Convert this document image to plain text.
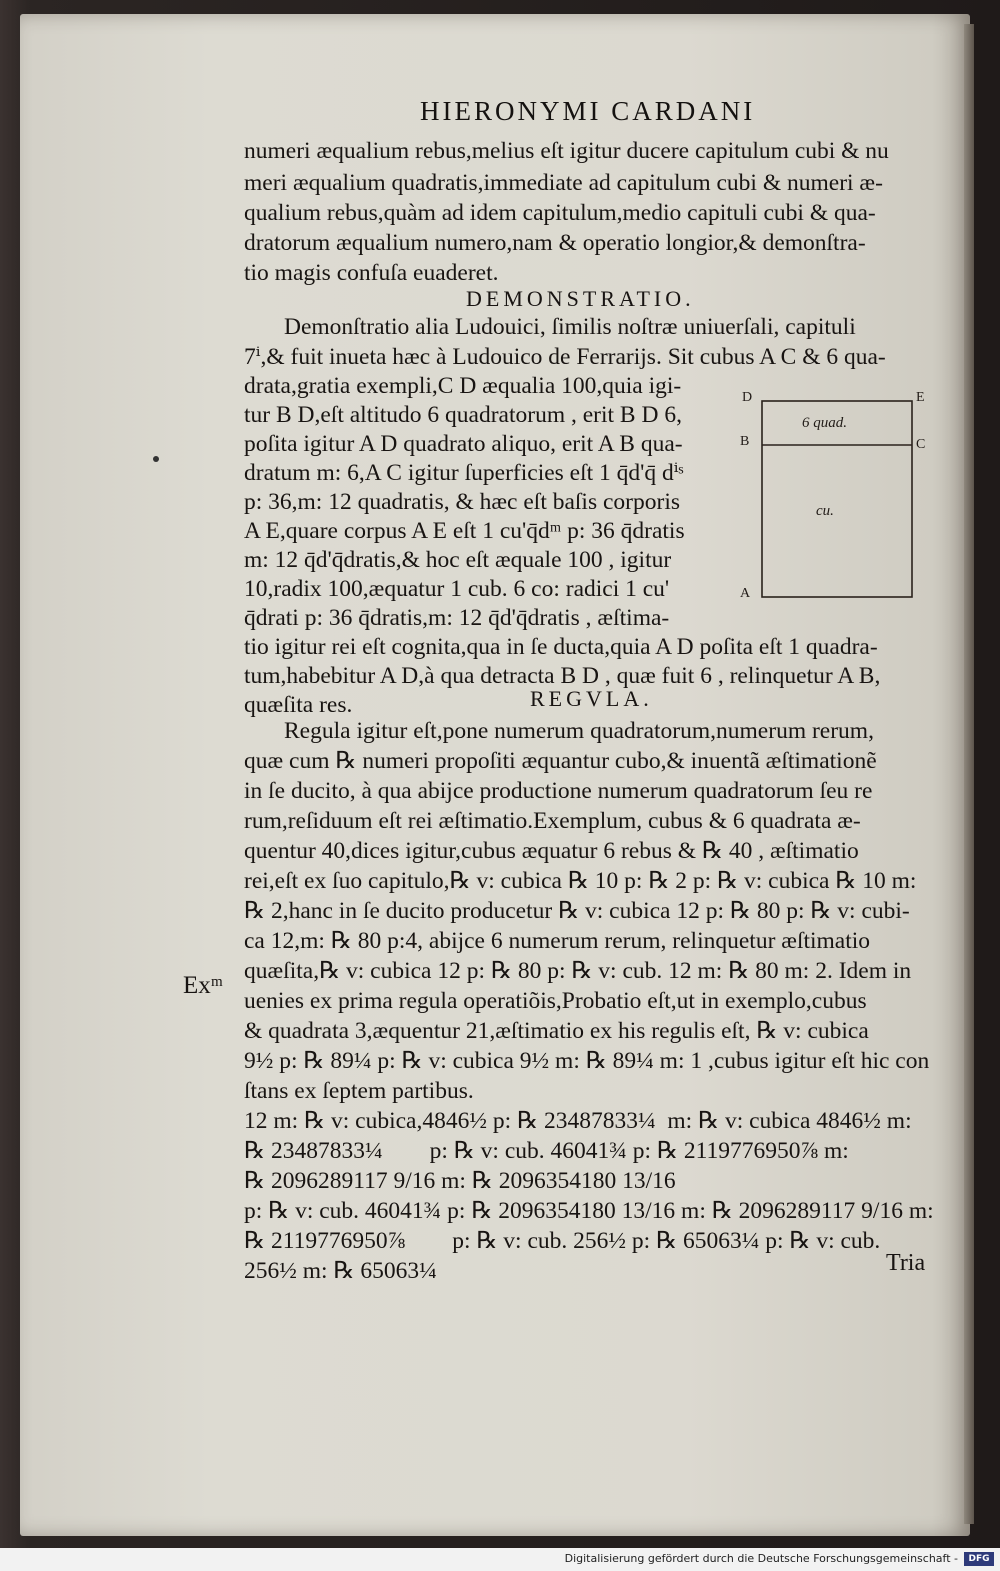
HIERONYMI CARDANI
numeri æqualium rebus,melius eſt igitur ducere capitulum cubi & nu
meri æqualium quadratis,immediate ad capitulum cubi & numeri æ-
qualium rebus,quàm ad idem capitulum,medio capituli cubi & qua-
dratorum æqualium numero,nam & operatio longior,& demonſtra-
tio magis confuſa euaderet.
DEMONSTRATIO.
Demonſtratio alia Ludouici, ſimilis noſtræ uniuerſali, capituli
7ⁱ,& fuit inueta hæc à Ludouico de Ferrarijs. Sit cubus A C & 6 qua-
drata,gratia exempli,C D æqualia 100,quia igi-
tur B D,eſt altitudo 6 quadratorum , erit B D 6,
poſita igitur A D quadrato aliquo, erit A B qua-
dratum m: 6,A C igitur ſuperficies eſt 1 q̄d'q̄ dⁱˢ
p: 36,m: 12 quadratis, & hæc eſt baſis corporis
A E,quare corpus A E eſt 1 cu'q̄dᵐ p: 36 q̄dratis
m: 12 q̄d'q̄dratis,& hoc eſt æquale 100 , igitur
10,radix 100,æquatur 1 cub. 6 co: radici 1 cu'
q̄drati p: 36 q̄dratis,m: 12 q̄d'q̄dratis , æſtima-
tio igitur rei eſt cognita,qua in ſe ducta,quia A D poſita eſt 1 quadra-
tum,habebitur A D,à qua detracta B D , quæ fuit 6 , relinquetur A B,
quæſita res.	REGVLA.
D	E
B	C
A
6 quad.
cu.
Regula igitur eſt,pone numerum quadratorum,numerum rerum,
quæ cum ℞ numeri propoſiti æquantur cubo,& inuentã æſtimationẽ
in ſe ducito, à qua abijce productione numerum quadratorum ſeu re
rum,reſiduum eſt rei æſtimatio.Exemplum, cubus & 6 quadrata æ-
quentur 40,dices igitur,cubus æquatur 6 rebus & ℞ 40 , æſtimatio
rei,eſt ex ſuo capitulo,℞ v: cubica ℞ 10 p: ℞ 2 p: ℞ v: cubica ℞ 10 m:
℞ 2,hanc in ſe ducito producetur ℞ v: cubica 12 p: ℞ 80 p: ℞ v: cubi-
ca 12,m: ℞ 80 p:4, abijce 6 numerum rerum, relinquetur æſtimatio
quæſita,℞ v: cubica 12 p: ℞ 80 p: ℞ v: cub. 12 m: ℞ 80 m: 2. Idem in
uenies ex prima regula operatiõis,Probatio eſt,ut in exemplo,cubus
& quadrata 3,æquentur 21,æſtimatio ex his regulis eſt, ℞ v: cubica
9½ p: ℞ 89¼ p: ℞ v: cubica 9½ m: ℞ 89¼ m: 1 ,cubus igitur eſt hic con
ſtans ex ſeptem partibus.
Exᵐ
12 m: ℞ v: cubica,4846½ p: ℞ 23487833¼  m: ℞ v: cubica 4846½ m:
℞ 23487833¼        p: ℞ v: cub. 46041¾ p: ℞ 2119776950⅞ m:
℞ 2096289117 9/16 m: ℞ 2096354180 13/16
p: ℞ v: cub. 46041¾ p: ℞ 2096354180 13/16 m: ℞ 2096289117 9/16 m:
℞ 2119776950⅞        p: ℞ v: cub. 256½ p: ℞ 65063¼ p: ℞ v: cub.
256½ m: ℞ 65063¼	Tria
Digitalisierung gefördert durch die Deutsche Forschungsgemeinschaft -	DFG
